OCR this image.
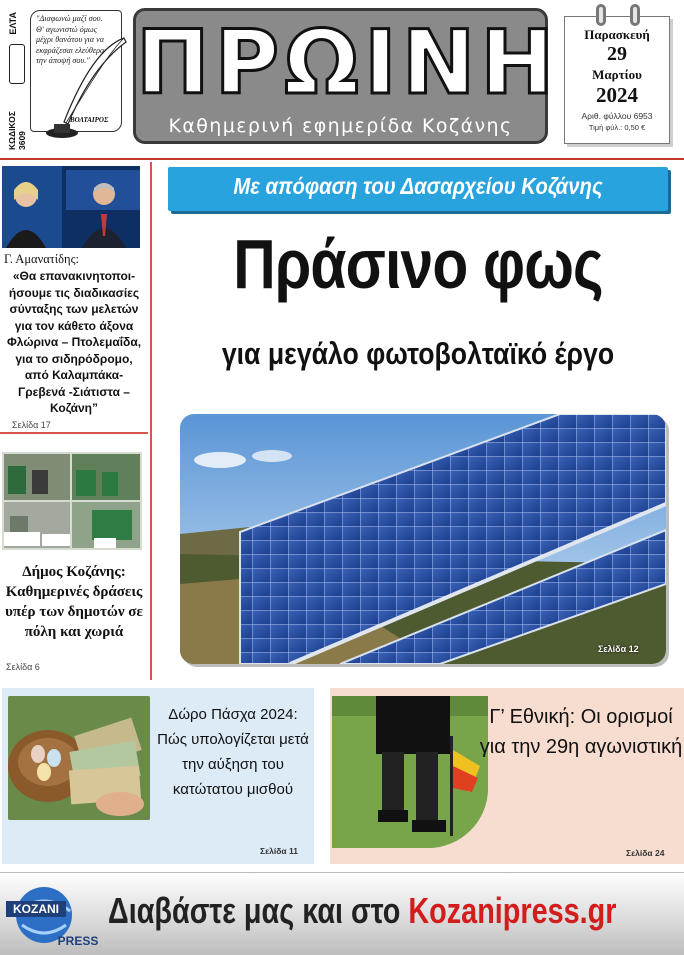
ΕΛΤΑ
ΚΩΔΙΚΟΣ 3609
"Διαφωνώ μαζί σου. Θ' αγωνιστώ όμως μέχρι θανάτου για να εκφράζεσαι ελεύθερα την άποψή σου."
ΒΟΛΤΑΙΡΟΣ
ΠΡΩΙΝΗ
Καθημερινή εφημερίδα Κοζάνης
Παρασκευή
29
Μαρτίου
2024
Αριθ. φύλλου 6953
Τιμή φύλ.: 0,50 €
Γ. Αμανατίδης:
«Θα επανακινητοποι-ήσουμε τις διαδικασίες σύνταξης των μελετών για τον κάθετο άξονα Φλώρινα – Πτολεμαΐδα, για το σιδηρόδρομο, από Καλαμπάκα-Γρεβενά -Σιάτιστα – Κοζάνη”
Σελίδα 17
Δήμος Κοζάνης: Καθημερινές δράσεις υπέρ των δημοτών σε πόλη και χωριά
Σελίδα 6
Με απόφαση του Δασαρχείου Κοζάνης
Πράσινο φως
για μεγάλο φωτοβολταϊκό έργο
Σελίδα 12
Δώρο Πάσχα 2024: Πώς υπολογίζεται μετά την αύξηση του κατώτατου μισθού
Σελίδα 11
Γ’ Εθνική: Οι ορισμοί για την 29η αγωνιστική
Σελίδα 24
KOZANI
PRESS
Διαβάστε μας και στο Kozanipress.gr
